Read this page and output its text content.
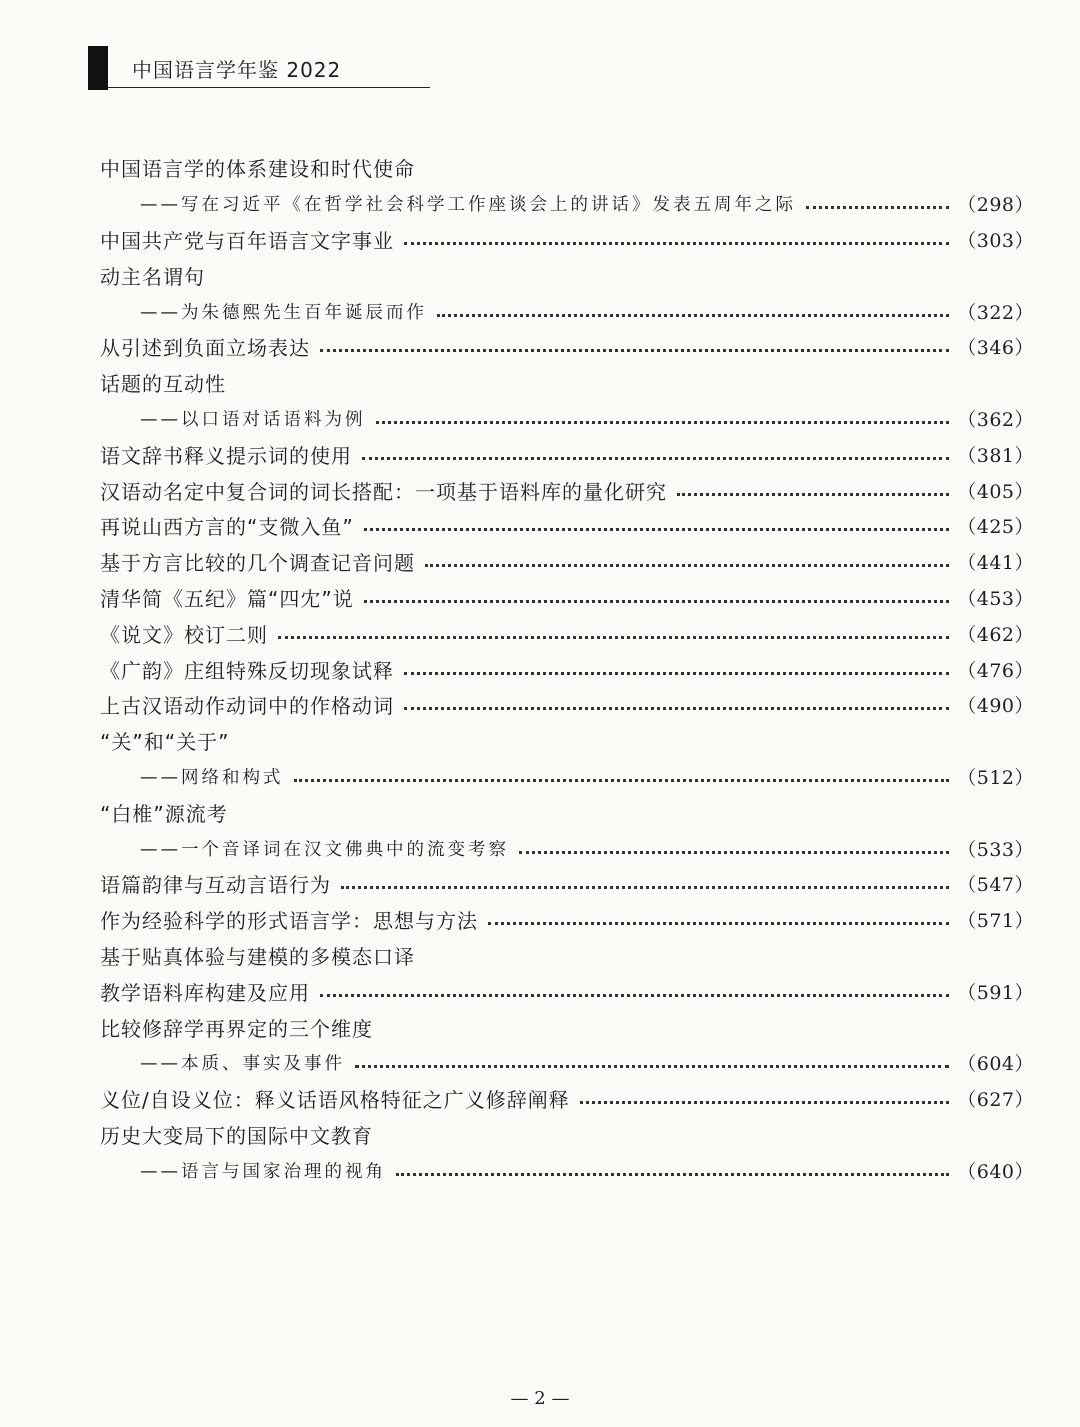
中国语言学年鉴 2022
中国语言学的体系建设和时代使命
——写在习近平《在哲学社会科学工作座谈会上的讲话》发表五周年之际	（298）
中国共产党与百年语言文字事业	（303）
动主名谓句
——为朱德熙先生百年诞辰而作	（322）
从引述到负面立场表达	（346）
话题的互动性
——以口语对话语料为例	（362）
语文辞书释义提示词的使用	（381）
汉语动名定中复合词的词长搭配：一项基于语料库的量化研究	（405）
再说山西方言的“支微入鱼”	（425）
基于方言比较的几个调查记音问题	（441）
清华简《五纪》篇“四冘”说	（453）
《说文》校订二则	（462）
《广韵》庄组特殊反切现象试释	（476）
上古汉语动作动词中的作格动词	（490）
“关”和“关于”
——网络和构式	（512）
“白椎”源流考
——一个音译词在汉文佛典中的流变考察	（533）
语篇韵律与互动言语行为	（547）
作为经验科学的形式语言学：思想与方法	（571）
基于贴真体验与建模的多模态口译
教学语料库构建及应用	（591）
比较修辞学再界定的三个维度
——本质、事实及事件	（604）
义位/自设义位：释义话语风格特征之广义修辞阐释	（627）
历史大变局下的国际中文教育
——语言与国家治理的视角	（640）
— 2 —
